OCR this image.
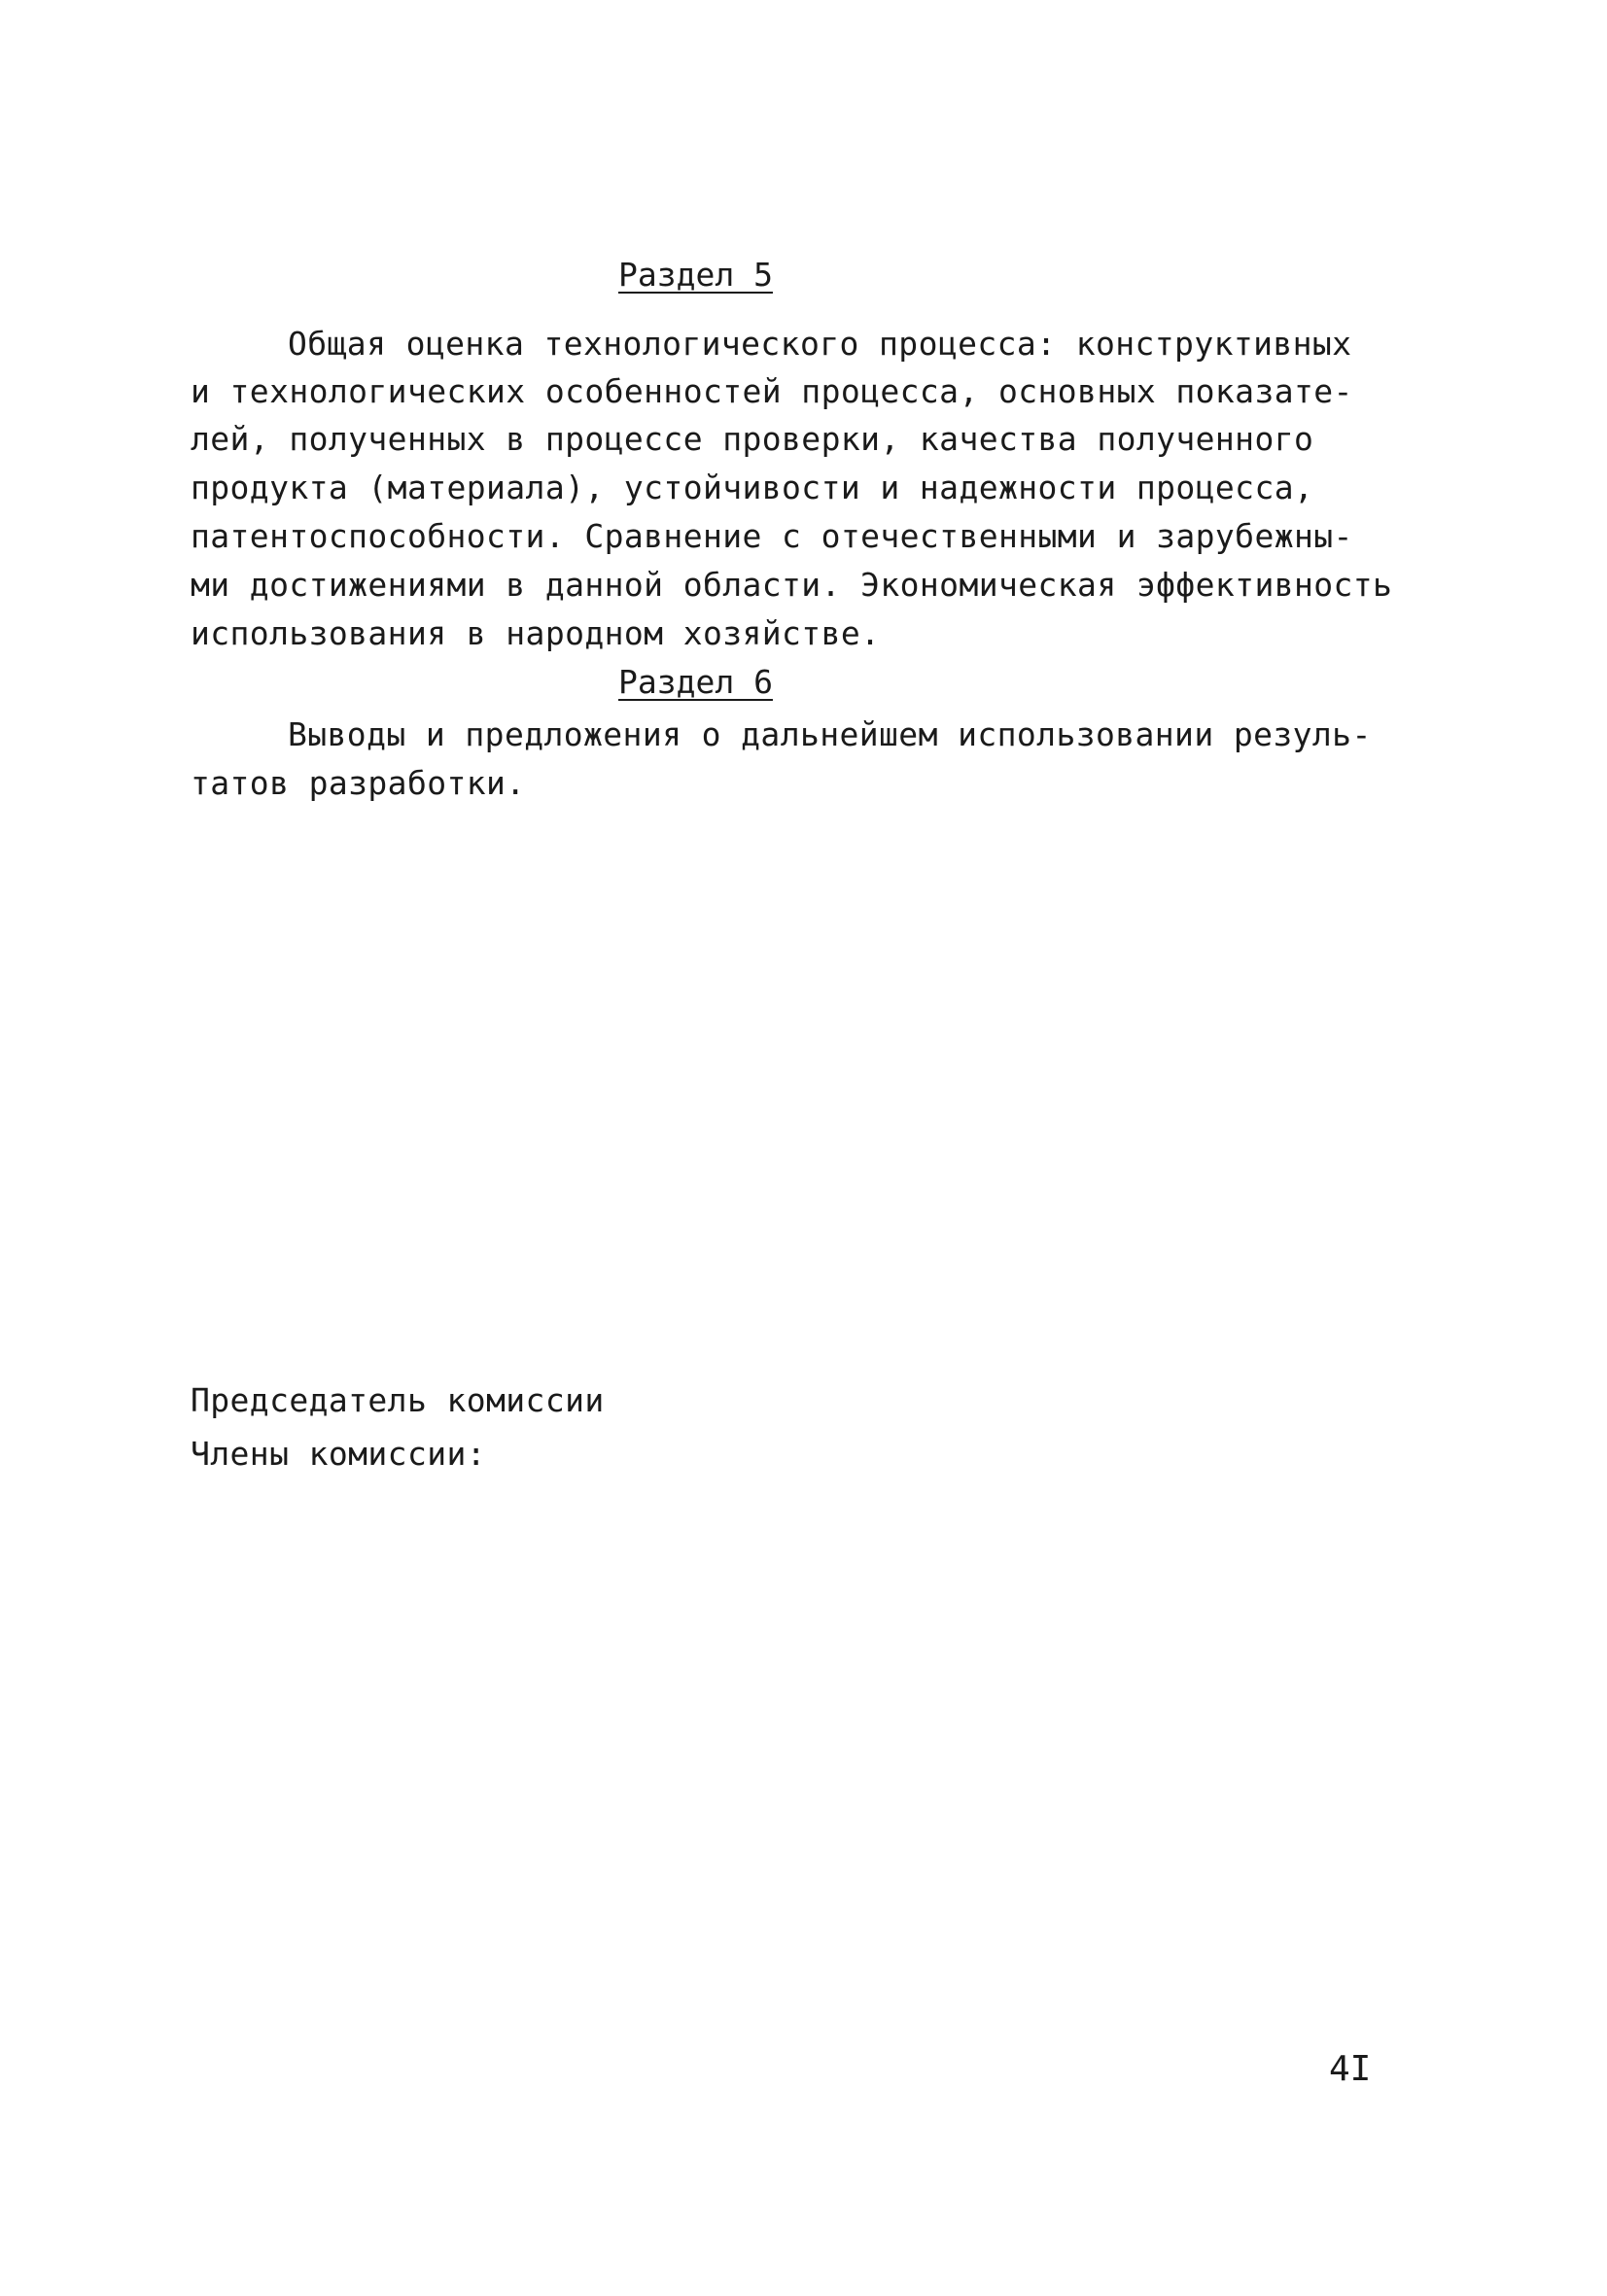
Раздел 5
Общая оценка технологического процесса: конструктивных
и технологических особенностей процесса, основных показате-
лей, полученных в процессе проверки, качества полученного
продукта (материала), устойчивости и надежности процесса,
патентоспособности. Сравнение с отечественными и зарубежны-
ми достижениями в данной области. Экономическая эффективность
использования в народном хозяйстве.
Раздел 6
Выводы и предложения о дальнейшем использовании резуль-
татов разработки.
Председатель комиссии
Члены комиссии:
4I
